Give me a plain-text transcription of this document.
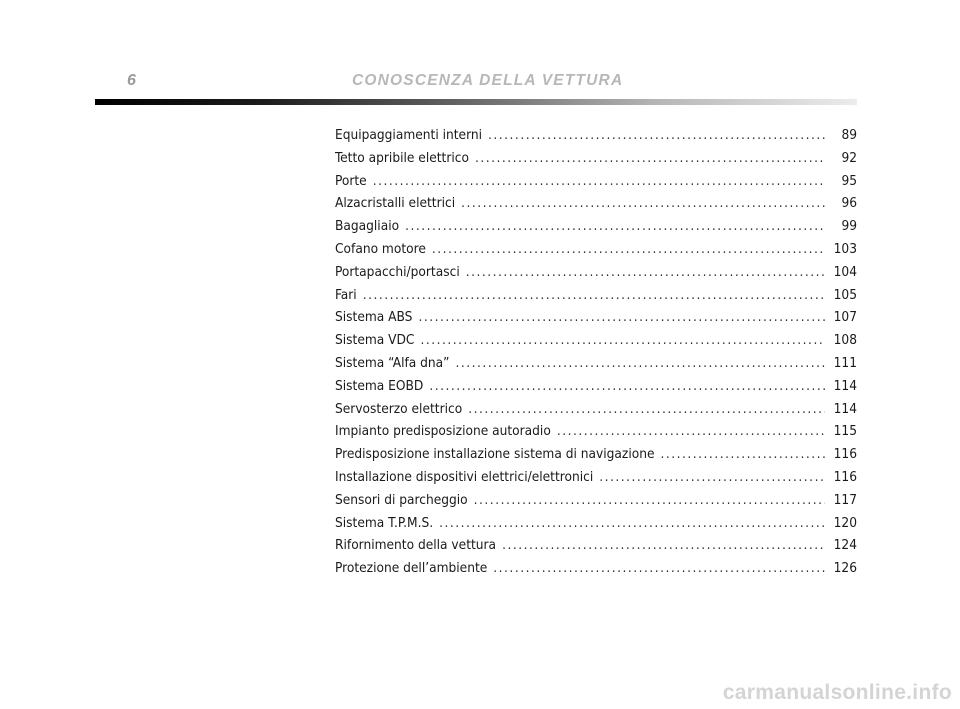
6	CONOSCENZA DELLA VETTURA
Equipaggiamenti interni .....	89
Tetto apribile elettrico .....	92
Porte .....	95
Alzacristalli elettrici .....	96
Bagagliaio .....	99
Cofano motore .....	103
Portapacchi/portasci .....	104
Fari .....	105
Sistema ABS .....	107
Sistema VDC .....	108
Sistema “Alfa dna” .....	111
Sistema EOBD .....	114
Servosterzo elettrico .....	114
Impianto predisposizione autoradio .....	115
Predisposizione installazione sistema di navigazione .....	116
Installazione dispositivi elettrici/elettronici .....	116
Sensori di parcheggio .....	117
Sistema T.P.M.S. .....	120
Rifornimento della vettura .....	124
Protezione dell’ambiente .....	126
carmanualsonline.info
